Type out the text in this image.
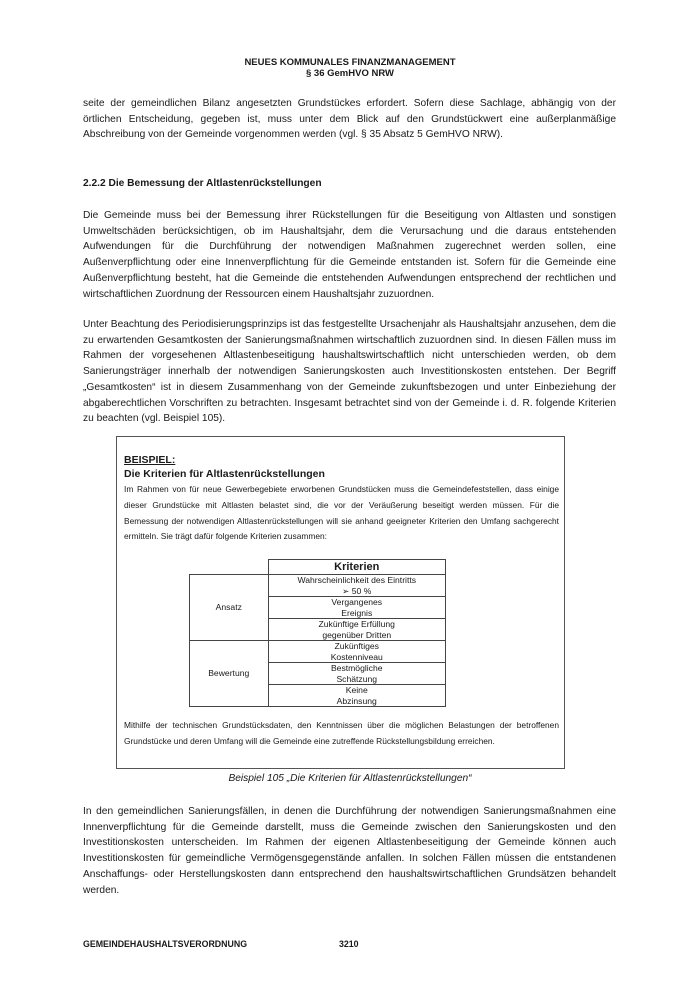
NEUES KOMMUNALES FINANZMANAGEMENT
§ 36 GemHVO NRW
seite der gemeindlichen Bilanz angesetzten Grundstückes erfordert. Sofern diese Sachlage, abhängig von der örtlichen Entscheidung, gegeben ist, muss unter dem Blick auf den Grundstückwert eine außerplanmäßige Abschreibung von der Gemeinde vorgenommen werden (vgl. § 35 Absatz 5 GemHVO NRW).
2.2.2 Die Bemessung der Altlastenrückstellungen
Die Gemeinde muss bei der Bemessung ihrer Rückstellungen für die Beseitigung von Altlasten und sonstigen Umweltschäden berücksichtigen, ob im Haushaltsjahr, dem die Verursachung und die daraus entstehenden Aufwendungen für die Durchführung der notwendigen Maßnahmen zugerechnet werden sollen, eine Außenverpflichtung oder eine Innenverpflichtung für die Gemeinde entstanden ist. Sofern für die Gemeinde eine Außenverpflichtung besteht, hat die Gemeinde die entstehenden Aufwendungen entsprechend der rechtlichen und wirtschaftlichen Zuordnung der Ressourcen einem Haushaltsjahr zuzuordnen.
Unter Beachtung des Periodisierungsprinzips ist das festgestellte Ursachenjahr als Haushaltsjahr anzusehen, dem die zu erwartenden Gesamtkosten der Sanierungsmaßnahmen wirtschaftlich zuzuordnen sind. In diesen Fällen muss im Rahmen der vorgesehenen Altlastenbeseitigung haushaltswirtschaftlich nicht unterschieden werden, ob dem Sanierungsträger innerhalb der notwendigen Sanierungskosten auch Investitionskosten entstehen. Der Begriff „Gesamtkosten“ ist in diesem Zusammenhang von der Gemeinde zukunftsbezogen und unter Einbeziehung der abgaberechtlichen Vorschriften zu betrachten. Insgesamt betrachtet sind von der Gemeinde i. d. R. folgende Kriterien zu beachten (vgl. Beispiel 105).
BEISPIEL:
Die Kriterien für Altlastenrückstellungen
Im Rahmen von für neue Gewerbegebiete erworbenen Grundstücken muss die Gemeindefeststellen, dass einige dieser Grundstücke mit Altlasten belastet sind, die vor der Veräußerung beseitigt werden müssen. Für die Bemessung der notwendigen Altlastenrückstellungen will sie anhand geeigneter Kriterien den Umfang sachgerecht ermitteln. Sie trägt dafür folgende Kriterien zusammen:
	Kriterien
Ansatz	Wahrscheinlichkeit des Eintritts
➢ 50 %

	Vergangenes
Ereignis

	Zukünftige Erfüllung
gegenüber Dritten

Bewertung	Zukünftiges
Kostenniveau

	Bestmögliche
Schätzung

	Keine
Abzinsung
Mithilfe der technischen Grundstücksdaten, den Kenntnissen über die möglichen Belastungen der betroffenen Grundstücke und deren Umfang will die Gemeinde eine zutreffende Rückstellungsbildung erreichen.
Beispiel 105 „Die Kriterien für Altlastenrückstellungen“
In den gemeindlichen Sanierungsfällen, in denen die Durchführung der notwendigen Sanierungsmaßnahmen eine Innenverpflichtung für die Gemeinde darstellt, muss die Gemeinde zwischen den Sanierungskosten und den Investitionskosten unterscheiden. Im Rahmen der eigenen Altlastenbeseitigung der Gemeinde können auch Investitionskosten für gemeindliche Vermögensgegenstände anfallen. In solchen Fällen müssen die entstandenen Anschaffungs- oder Herstellungskosten dann entsprechend den haushaltswirtschaftlichen Grundsätzen behandelt werden.
GEMEINDEHAUSHALTSVERORDNUNG	3210
